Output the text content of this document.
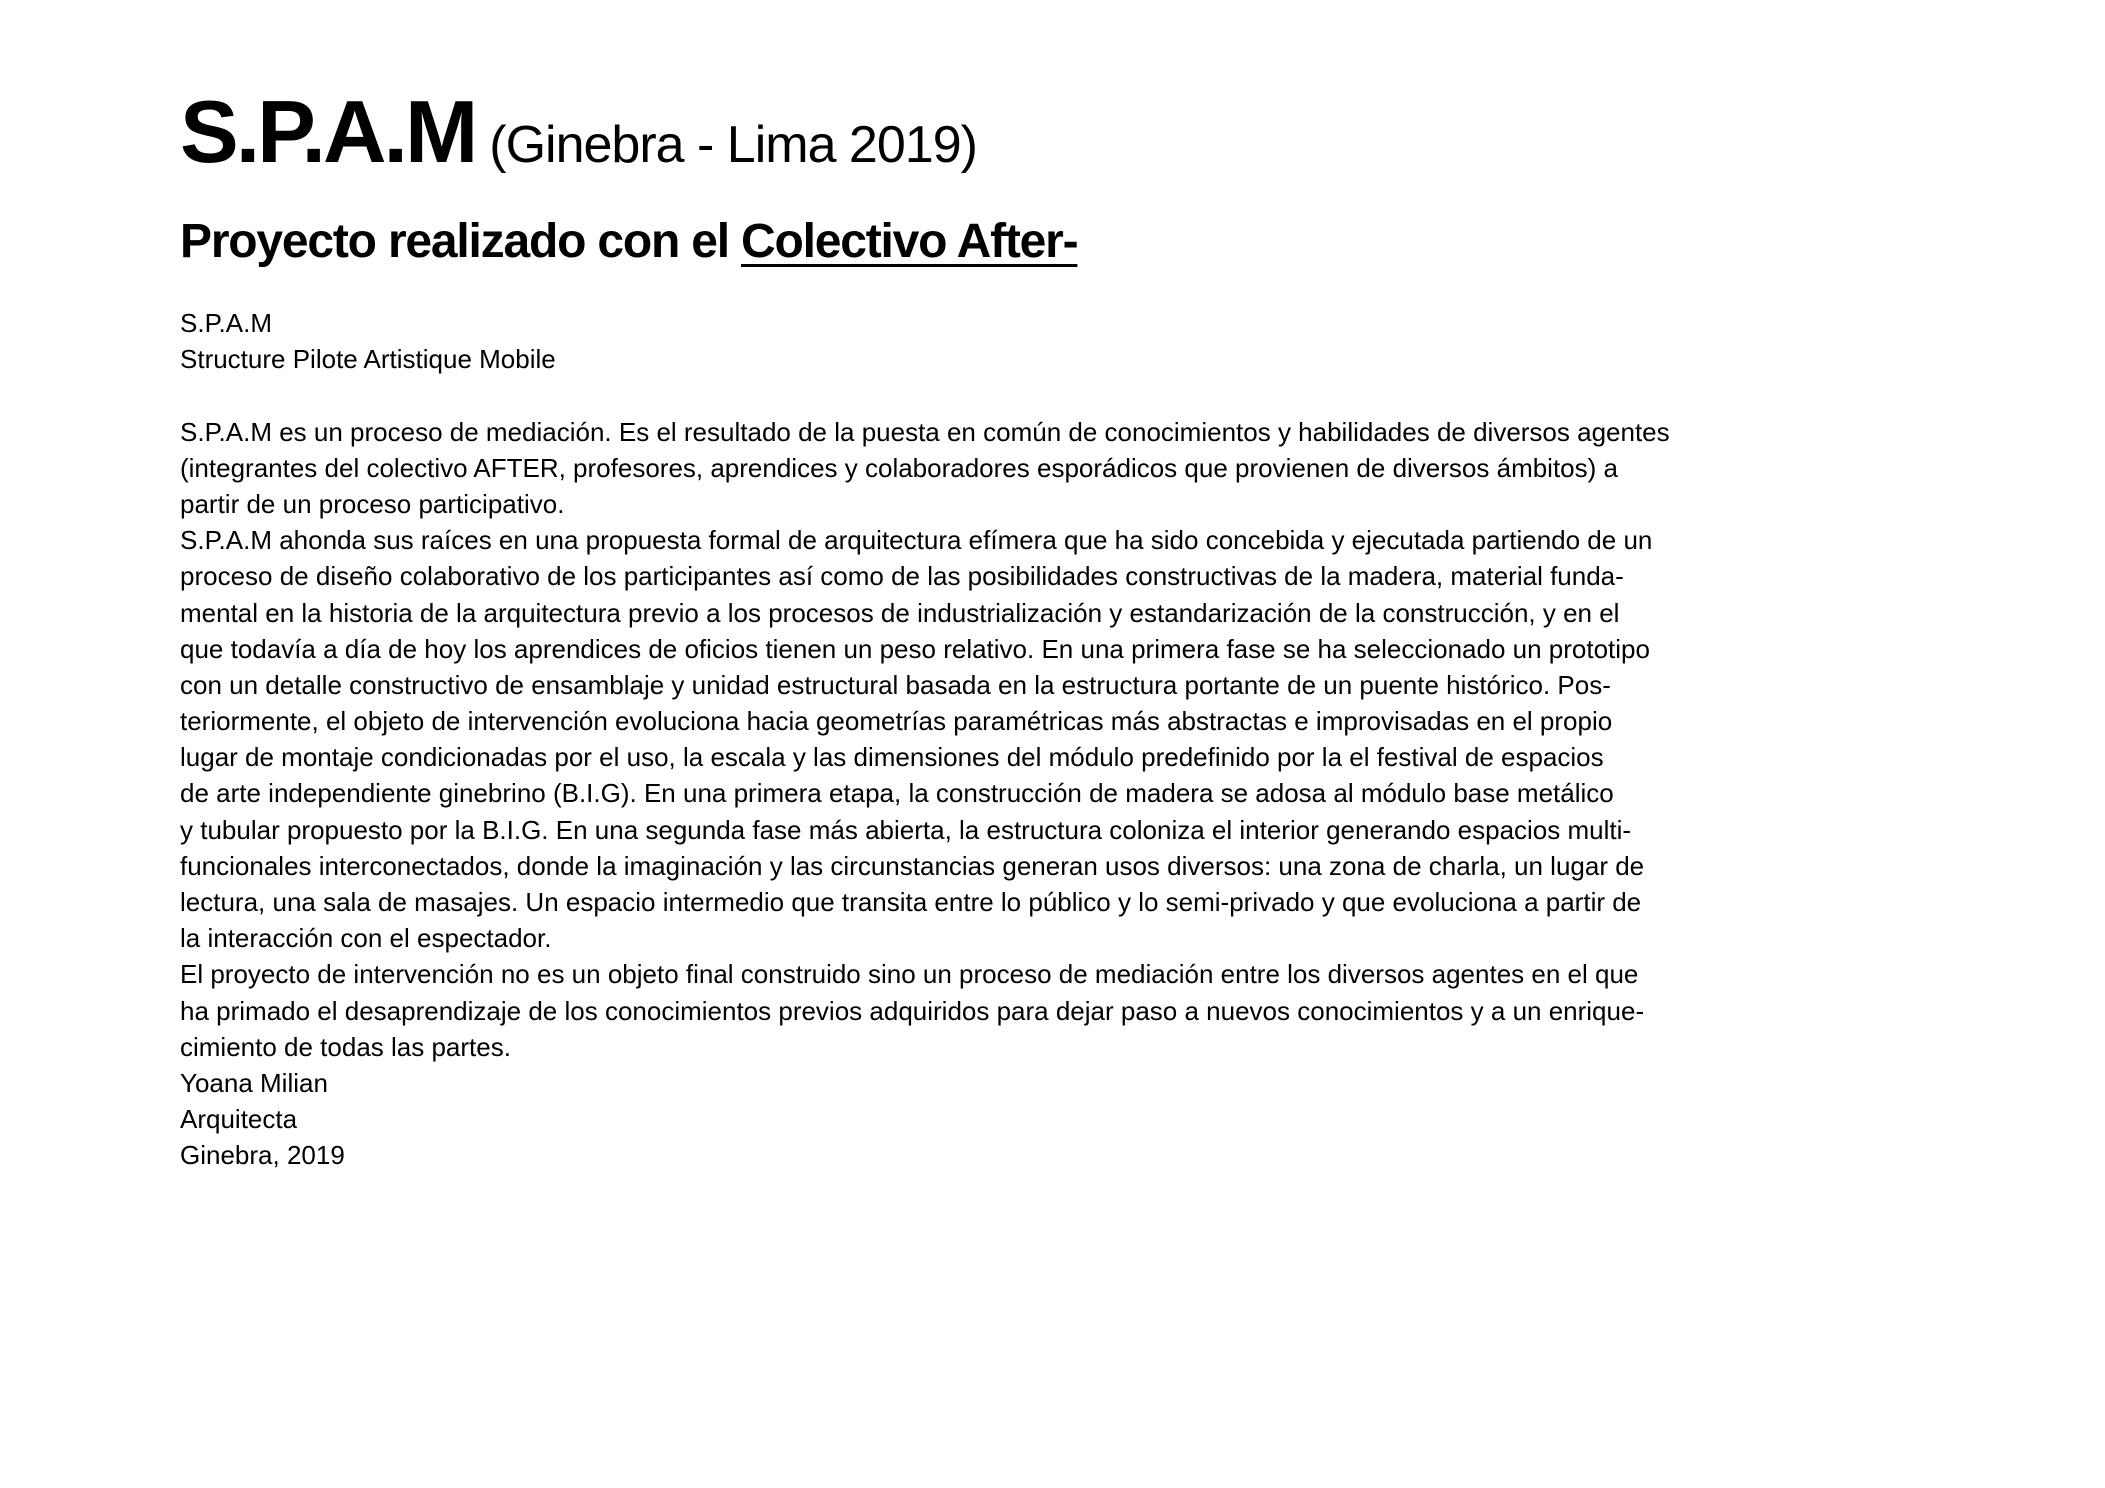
S.P.A.M (Ginebra - Lima 2019)
Proyecto realizado con el Colectivo After-
S.P.A.M
Structure Pilote Artistique Mobile
S.P.A.M es un proceso de mediación. Es el resultado de la puesta en común de conocimientos y habilidades de diversos agentes
(integrantes del colectivo AFTER, profesores, aprendices y colaboradores esporádicos que provienen de diversos ámbitos) a
partir de un proceso participativo.
S.P.A.M ahonda sus raíces en una propuesta formal de arquitectura efímera que ha sido concebida y ejecutada partiendo de un
proceso de diseño colaborativo de los participantes así como de las posibilidades constructivas de la madera, material funda-
mental en la historia de la arquitectura previo a los procesos de industrialización y estandarización de la construcción, y en el
que todavía a día de hoy los aprendices de oficios tienen un peso relativo. En una primera fase se ha seleccionado un prototipo
con un detalle constructivo de ensamblaje y unidad estructural basada en la estructura portante de un puente histórico. Pos-
teriormente, el objeto de intervención evoluciona hacia geometrías paramétricas más abstractas e improvisadas en el propio
lugar de montaje condicionadas por el uso, la escala y las dimensiones del módulo predefinido por la el festival de espacios
de arte independiente ginebrino (B.I.G). En una primera etapa, la construcción de madera se adosa al módulo base metálico
y tubular propuesto por la B.I.G. En una segunda fase más abierta, la estructura coloniza el interior generando espacios multi-
funcionales interconectados, donde la imaginación y las circunstancias generan usos diversos: una zona de charla, un lugar de
lectura, una sala de masajes. Un espacio intermedio que transita entre lo público y lo semi-privado y que evoluciona a partir de
la interacción con el espectador.
El proyecto de intervención no es un objeto final construido sino un proceso de mediación entre los diversos agentes en el que
ha primado el desaprendizaje de los conocimientos previos adquiridos para dejar paso a nuevos conocimientos y a un enrique-
cimiento de todas las partes.
Yoana Milian
Arquitecta
Ginebra, 2019
